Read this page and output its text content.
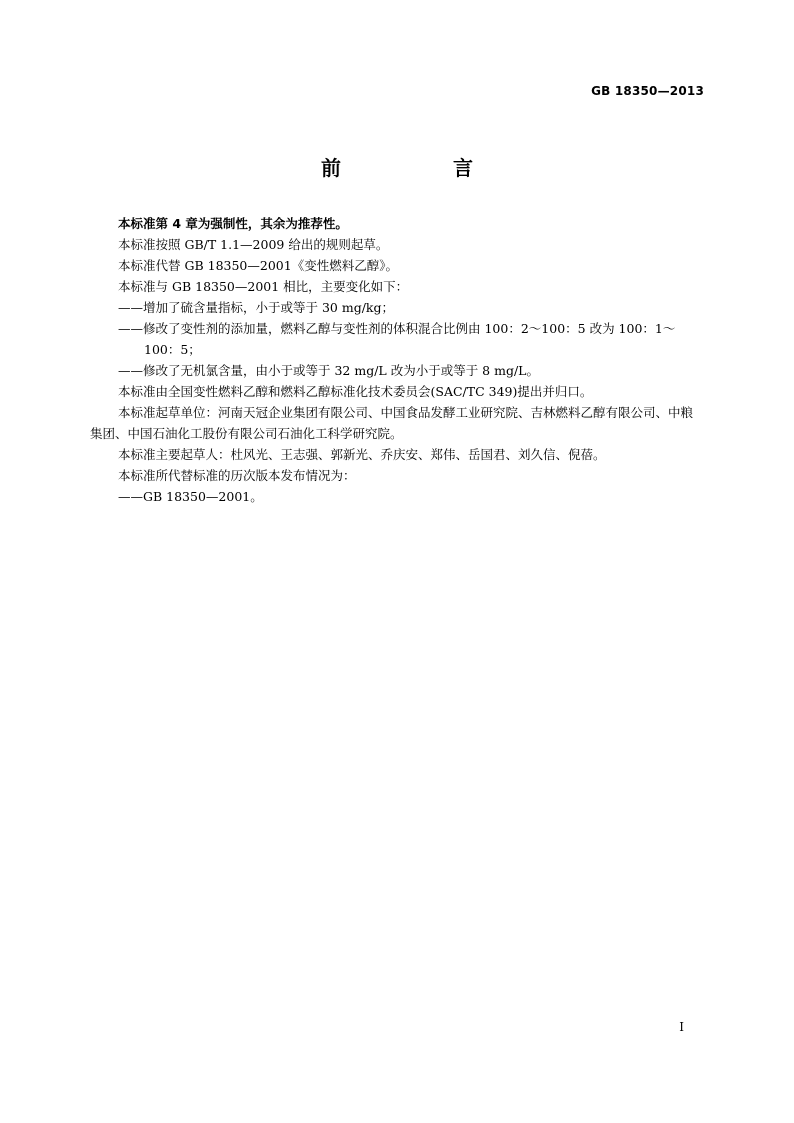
GB 18350—2013
前　言

本标准第 4 章为强制性，其余为推荐性。

本标准按照 GB/T 1.1—2009 给出的规则起草。

本标准代替 GB 18350—2001《变性燃料乙醇》。

本标准与 GB 18350—2001 相比，主要变化如下：

——增加了硫含量指标，小于或等于 30 mg/kg；

——修改了变性剂的添加量，燃料乙醇与变性剂的体积混合比例由 100：2～100：5 改为 100：1～100：5；

——修改了无机氯含量，由小于或等于 32 mg/L 改为小于或等于 8 mg/L。

本标准由全国变性燃料乙醇和燃料乙醇标准化技术委员会(SAC/TC 349)提出并归口。

本标准起草单位：河南天冠企业集团有限公司、中国食品发酵工业研究院、吉林燃料乙醇有限公司、中粮集团、中国石油化工股份有限公司石油化工科学研究院。

本标准主要起草人：杜风光、王志强、郭新光、乔庆安、郑伟、岳国君、刘久信、倪蓓。

本标准所代替标准的历次版本发布情况为：

——GB 18350—2001。

I
